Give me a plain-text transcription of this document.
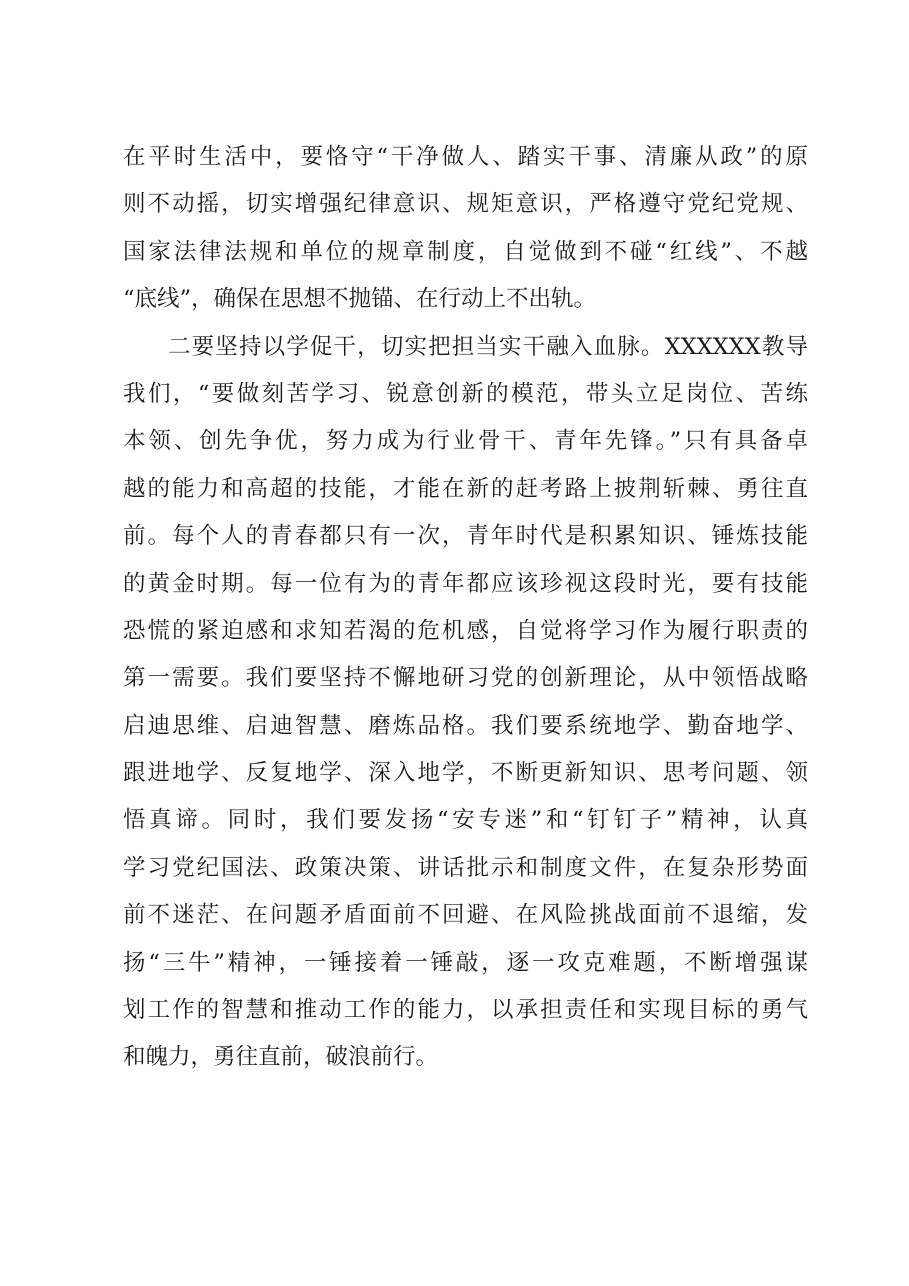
在平时生活中，要恪守“干净做人、踏实干事、清廉从政”的原
则不动摇，切实增强纪律意识、规矩意识，严格遵守党纪党规、
国家法律法规和单位的规章制度，自觉做到不碰“红线”、不越
“底线”，确保在思想不抛锚、在行动上不出轨。
二要坚持以学促干，切实把担当实干融入血脉。XXXXXX教导
我们，“要做刻苦学习、锐意创新的模范，带头立足岗位、苦练
本领、创先争优，努力成为行业骨干、青年先锋。”只有具备卓
越的能力和高超的技能，才能在新的赶考路上披荆斩棘、勇往直
前。每个人的青春都只有一次，青年时代是积累知识、锤炼技能
的黄金时期。每一位有为的青年都应该珍视这段时光，要有技能
恐慌的紧迫感和求知若渴的危机感，自觉将学习作为履行职责的
第一需要。我们要坚持不懈地研习党的创新理论，从中领悟战略
启迪思维、启迪智慧、磨炼品格。我们要系统地学、勤奋地学、
跟进地学、反复地学、深入地学，不断更新知识、思考问题、领
悟真谛。同时，我们要发扬“安专迷”和“钉钉子”精神，认真
学习党纪国法、政策决策、讲话批示和制度文件，在复杂形势面
前不迷茫、在问题矛盾面前不回避、在风险挑战面前不退缩，发
扬“三牛”精神，一锤接着一锤敲，逐一攻克难题，不断增强谋
划工作的智慧和推动工作的能力，以承担责任和实现目标的勇气
和魄力，勇往直前，破浪前行。
